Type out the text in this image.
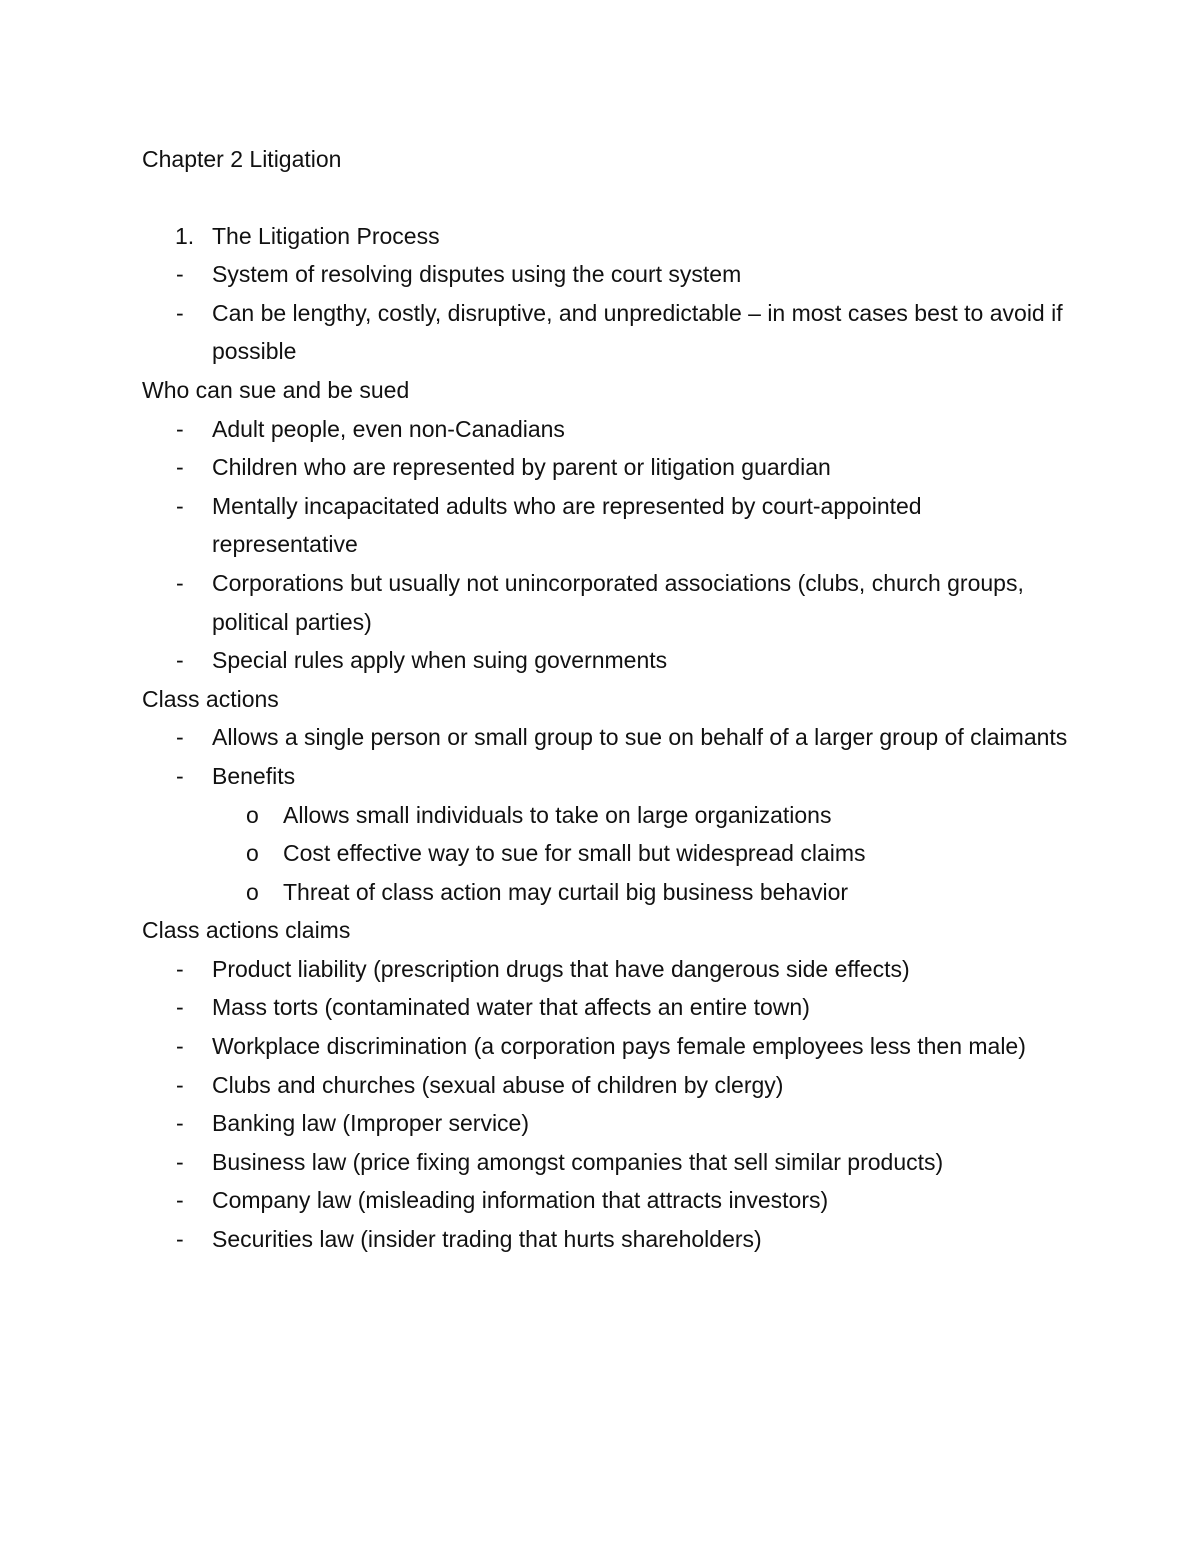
Chapter 2 Litigation
1. The Litigation Process
- System of resolving disputes using the court system
- Can be lengthy, costly, disruptive, and unpredictable – in most cases best to avoid if possible
Who can sue and be sued
- Adult people, even non-Canadians
- Children who are represented by parent or litigation guardian
- Mentally incapacitated adults who are represented by court-appointed representative
- Corporations but usually not unincorporated associations (clubs, church groups, political parties)
- Special rules apply when suing governments
Class actions
- Allows a single person or small group to sue on behalf of a larger group of claimants
- Benefits
o Allows small individuals to take on large organizations
o Cost effective way to sue for small but widespread claims
o Threat of class action may curtail big business behavior
Class actions claims
- Product liability (prescription drugs that have dangerous side effects)
- Mass torts (contaminated water that affects an entire town)
- Workplace discrimination (a corporation pays female employees less then male)
- Clubs and churches (sexual abuse of children by clergy)
- Banking law (Improper service)
- Business law (price fixing amongst companies that sell similar products)
- Company law (misleading information that attracts investors)
- Securities law (insider trading that hurts shareholders)
